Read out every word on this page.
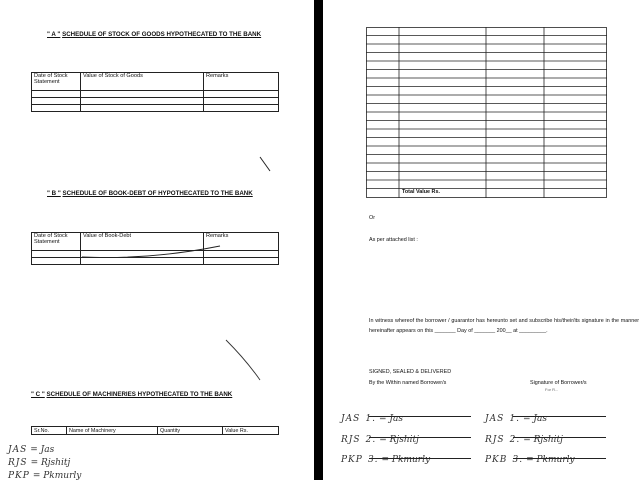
" A " SCHEDULE OF STOCK OF GOODS HYPOTHECATED TO THE BANK
Date of Stock Statement	Value of Stock of Goods	Remarks

" B " SCHEDULE OF BOOK-DEBT OF HYPOTHECATED TO THE BANK
Date of Stock Statement	Value of Book-Debt	Remarks

" C " SCHEDULE OF MACHINERIES HYPOTHECATED TO THE BANK
Sr.No.	Name of Machinery	Quantity	Value Rs.
JAS = Jas
RJS = Rjshitj
PKP = Pkmurly
Total Value Rs.
Or
As per attached list :
In witness whereof the borrower / guarantor has hereunto set and subscribe his/their/its signature in the manner hereinafter appears on this _______ Day of _______ 200__ at _________.
SIGNED, SEALED & DELIVERED
By the Within named Borrower/s	Signature of Borrower/s
For R...
JAS 1. = Jas
RJS 2. = Rjshitj
PKP 3. = Pkmurly
JAS 1. = Jas
RJS 2. = Rjshitj
PKB 3. = Pkmurly
